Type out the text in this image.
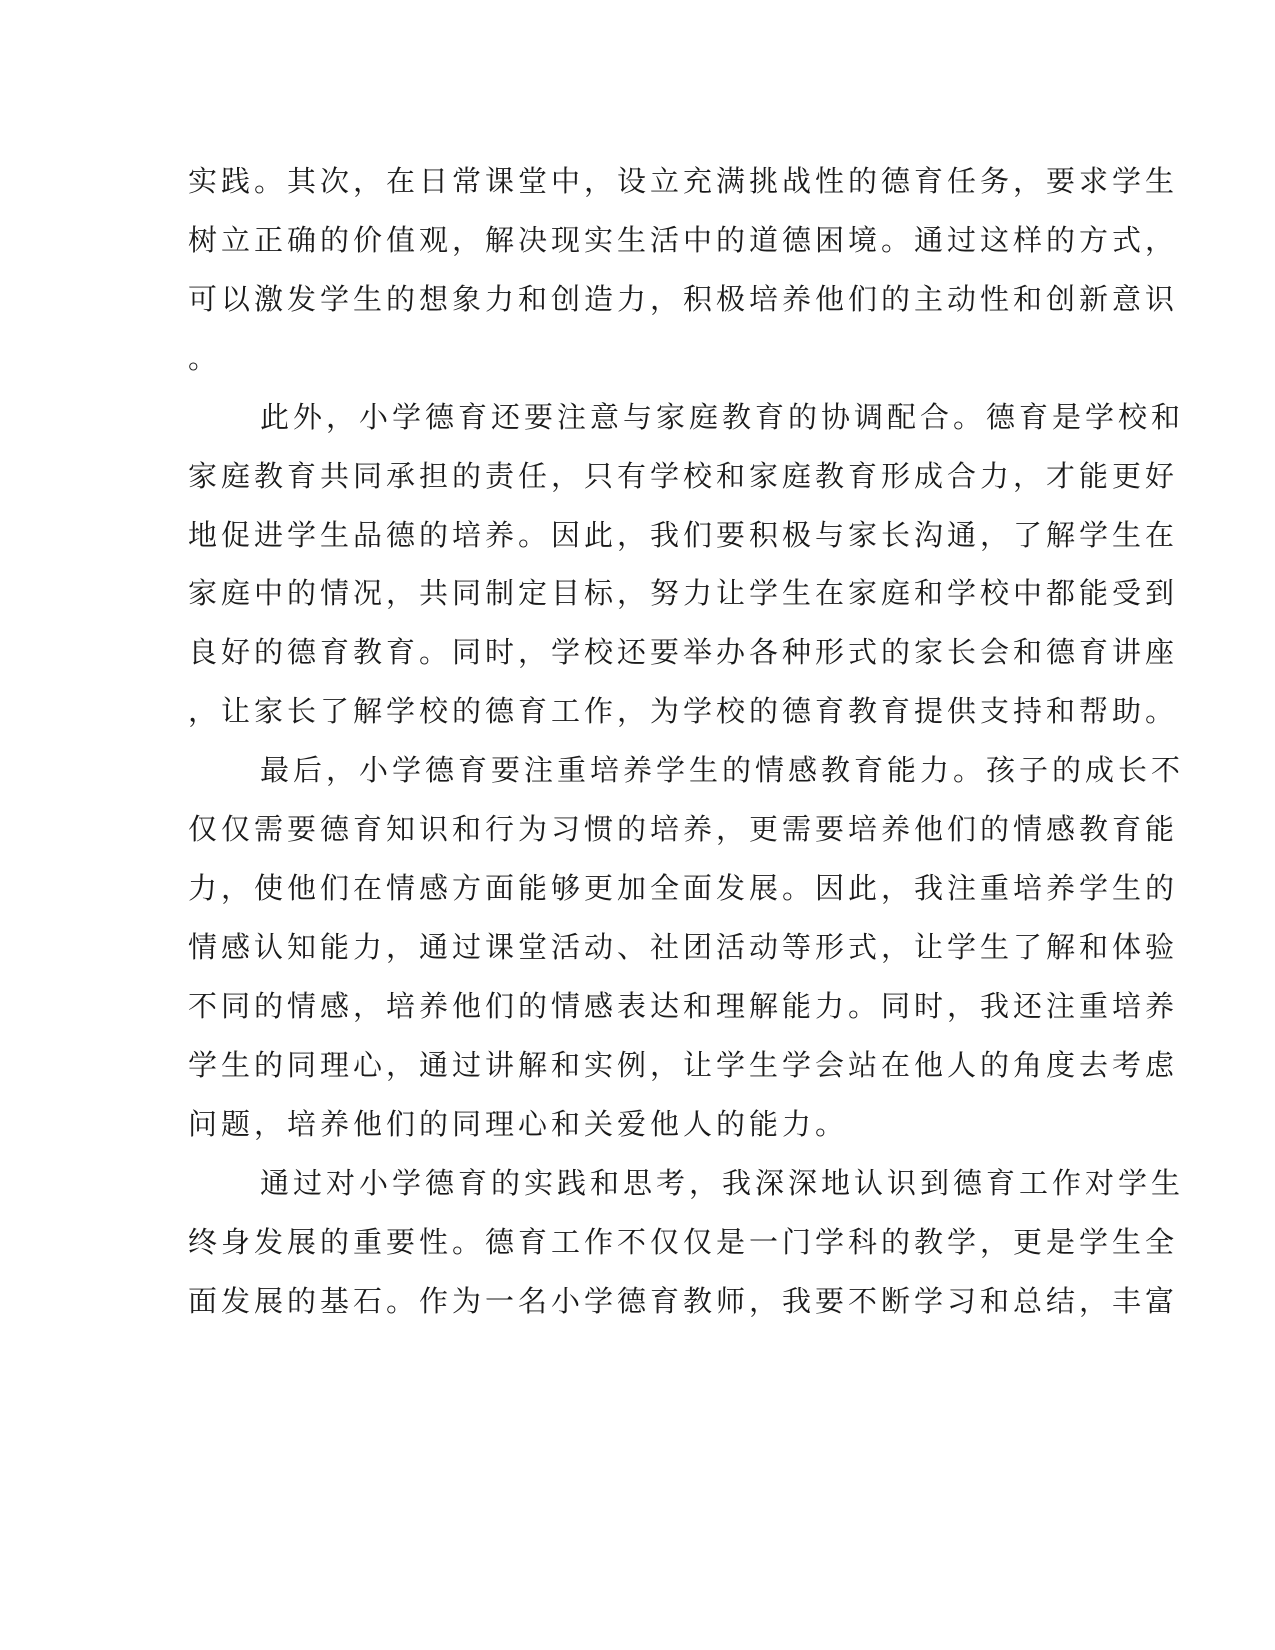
实践。其次，在日常课堂中，设立充满挑战性的德育任务，要求学生
树立正确的价值观，解决现实生活中的道德困境。通过这样的方式，
可以激发学生的想象力和创造力，积极培养他们的主动性和创新意识
。
此外，小学德育还要注意与家庭教育的协调配合。德育是学校和
家庭教育共同承担的责任，只有学校和家庭教育形成合力，才能更好
地促进学生品德的培养。因此，我们要积极与家长沟通，了解学生在
家庭中的情况，共同制定目标，努力让学生在家庭和学校中都能受到
良好的德育教育。同时，学校还要举办各种形式的家长会和德育讲座
，让家长了解学校的德育工作，为学校的德育教育提供支持和帮助。
最后，小学德育要注重培养学生的情感教育能力。孩子的成长不
仅仅需要德育知识和行为习惯的培养，更需要培养他们的情感教育能
力，使他们在情感方面能够更加全面发展。因此，我注重培养学生的
情感认知能力，通过课堂活动、社团活动等形式，让学生了解和体验
不同的情感，培养他们的情感表达和理解能力。同时，我还注重培养
学生的同理心，通过讲解和实例，让学生学会站在他人的角度去考虑
问题，培养他们的同理心和关爱他人的能力。
通过对小学德育的实践和思考，我深深地认识到德育工作对学生
终身发展的重要性。德育工作不仅仅是一门学科的教学，更是学生全
面发展的基石。作为一名小学德育教师，我要不断学习和总结，丰富
